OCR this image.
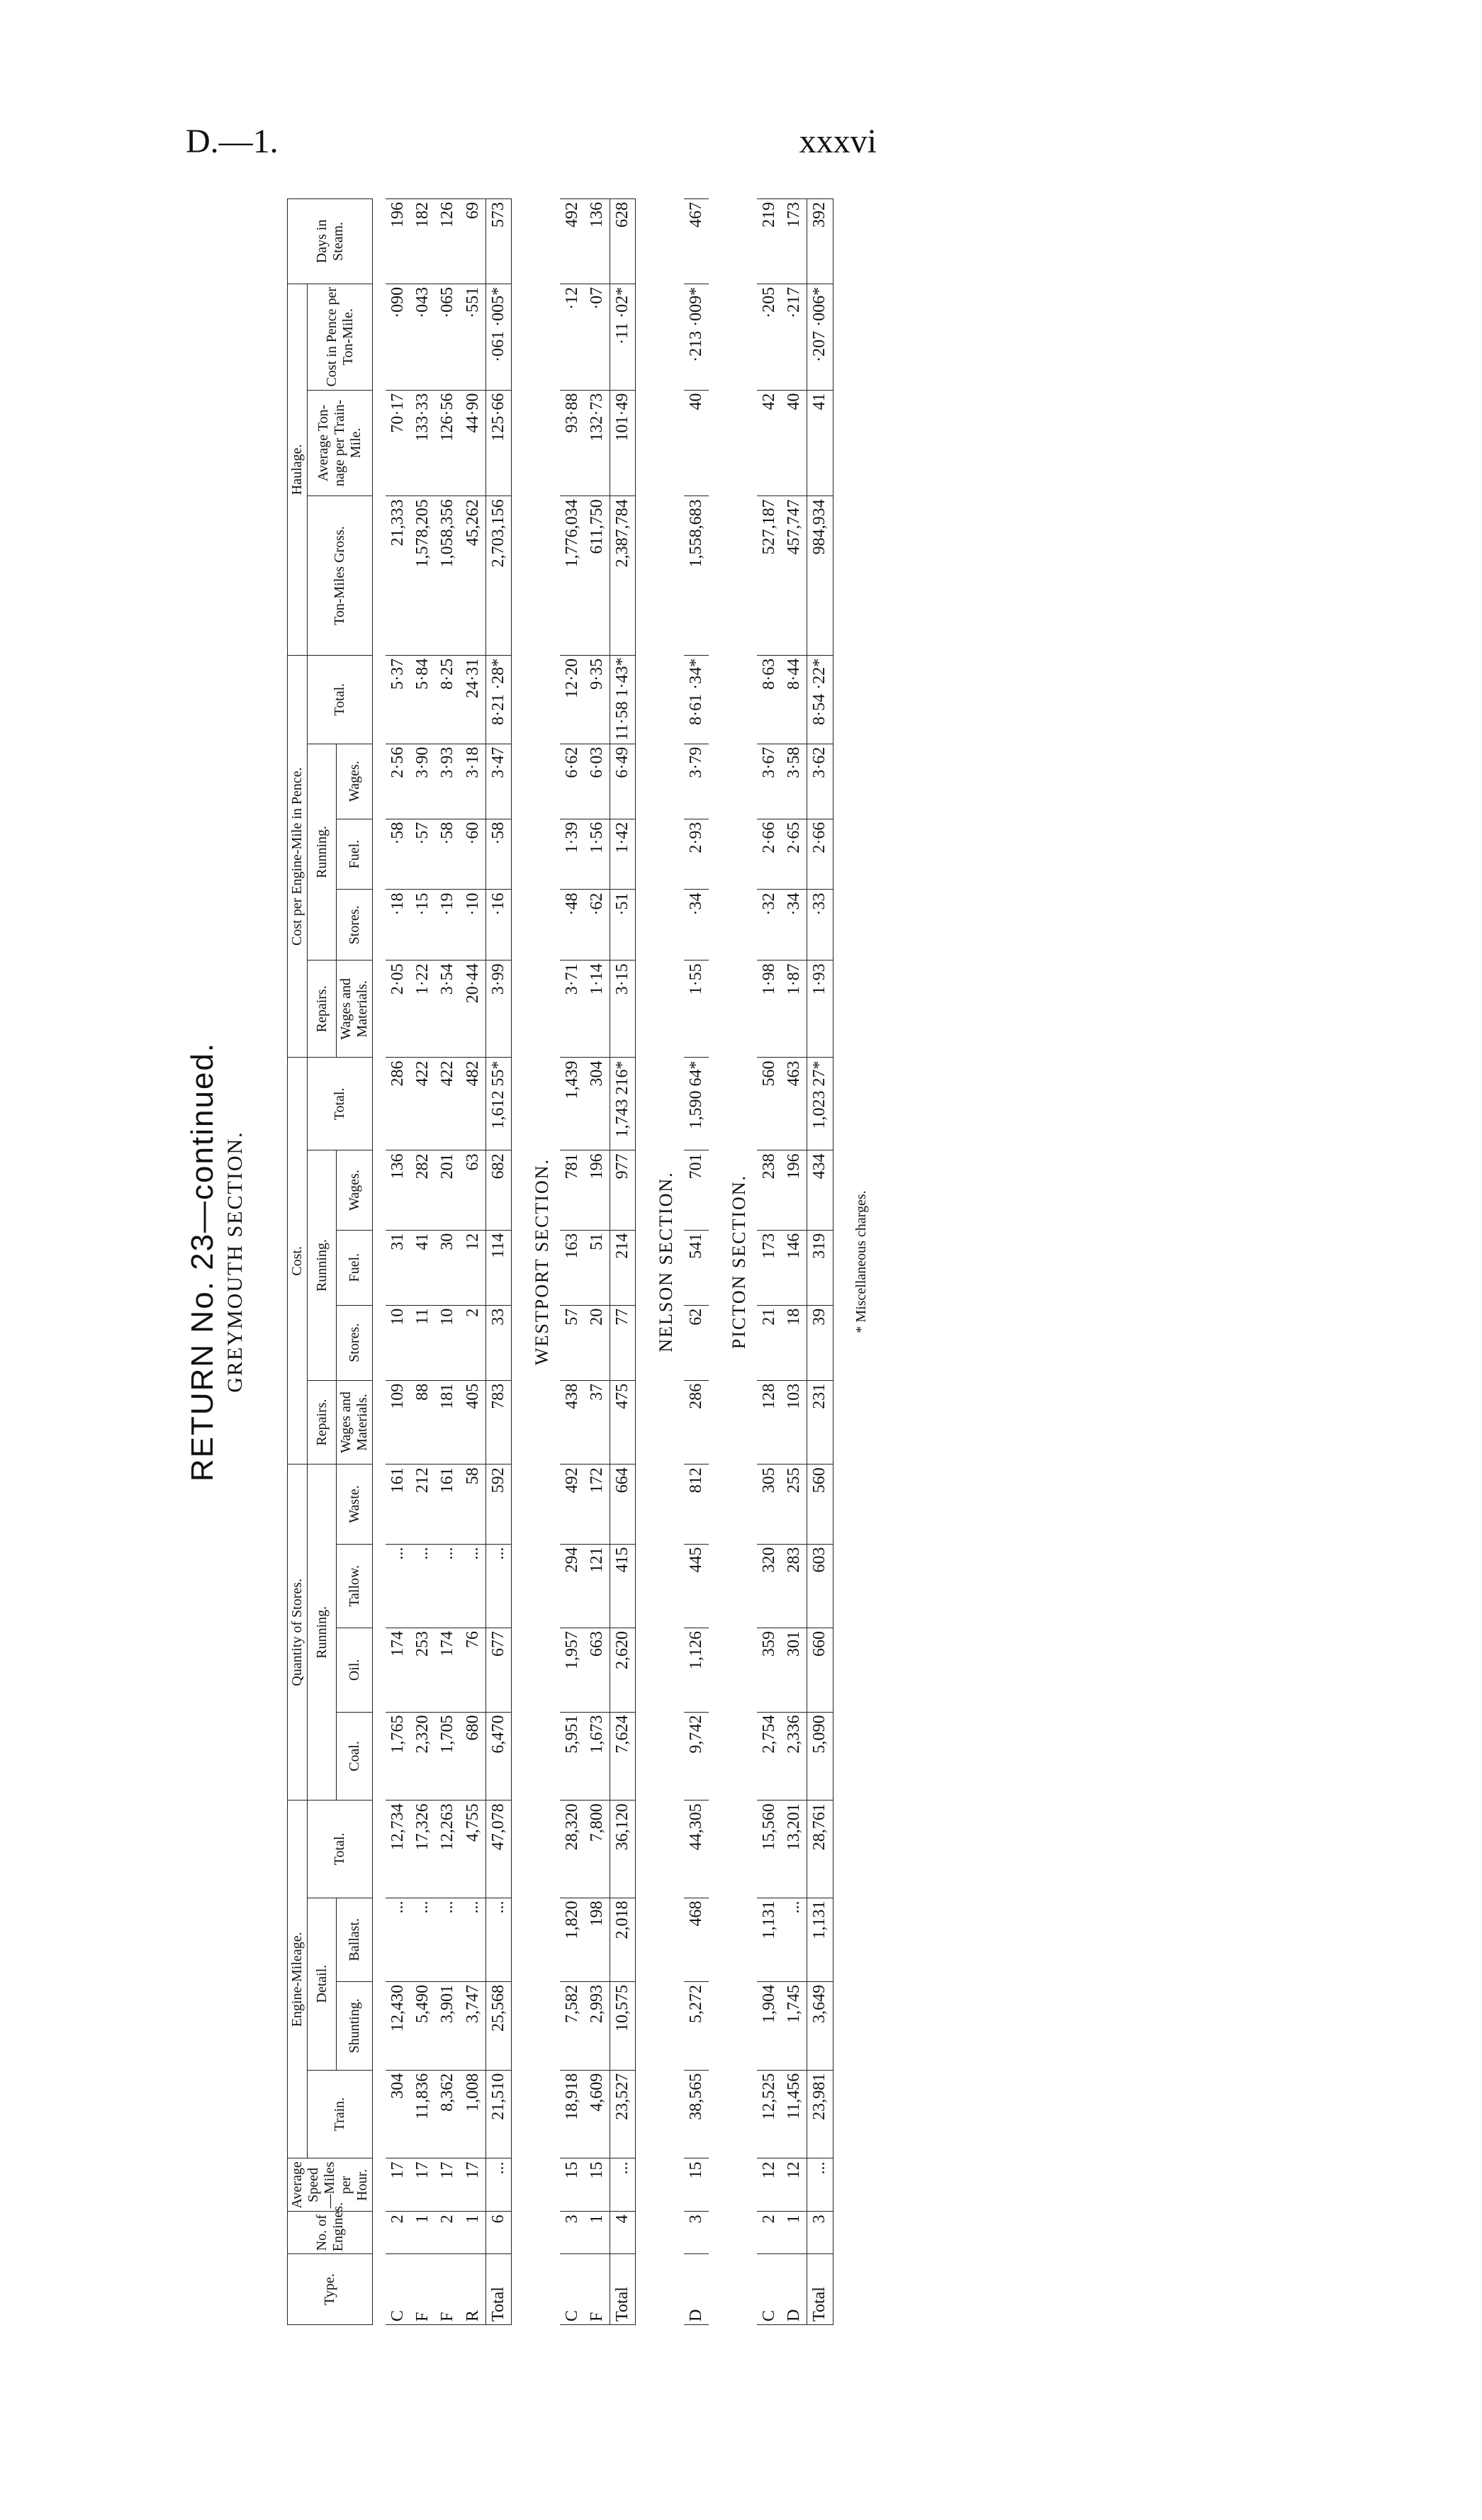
D.—1.	xxxvi
RETURN No. 23—continued. GREYMOUTH SECTION.
Type.	No. of Engines.	Average Speed—Miles per Hour.	Engine-Mileage.				Quantity of Stores.				Cost.					Cost per Engine-Mile in Pence.					Haulage.			Days in Steam.
			Train.	Detail.		Total.	Running.				Repairs.	Running.			Total.	Repairs.	Running.			Total.	Ton-Miles Gross.	Average Ton-nage per Train-Mile.	Cost in Pence per Ton-Mile.	
				Shunting.	Ballast.		Coal.	Oil.	Tallow.	Waste.	Wages and Materials.	Stores.	Fuel.	Wages.		Wages and Materials.	Stores.	Fuel.	Wages.					

C	2	17	304	12,430	...	12,734	1,765	174	...	161	109	10	31	136	286	2·05	·18	·58	2·56	5·37	21,333	70·17	·090	196
F	1	17	11,836	5,490	...	17,326	2,320	253	...	212	88	11	41	282	422	1·22	·15	·57	3·90	5·84	1,578,205	133·33	·043	182
F	2	17	8,362	3,901	...	12,263	1,705	174	...	161	181	10	30	201	422	3·54	·19	·58	3·93	8·25	1,058,356	126·56	·065	126
R	1	17	1,008	3,747	...	4,755	680	76	...	58	405	2	12	63	482	20·44	·10	·60	3·18	24·31	45,262	44·90	·551	69
Total	6	...	21,510	25,568	...	47,078	6,470	677	...	592	783	33	114	682	1,612 55*	3·99	·16	·58	3·47	8·21 ·28*	2,703,156	125·66	·061 ·005*	573

WESTPORT SECTION.																								
C	3	15	18,918	7,582	1,820	28,320	5,951	1,957	294	492	438	57	163	781	1,439	3·71	·48	1·39	6·62	12·20	1,776,034	93·88	·12	492
F	1	15	4,609	2,993	198	7,800	1,673	663	121	172	37	20	51	196	304	1·14	·62	1·56	6·03	9·35	611,750	132·73	·07	136
Total	4	...	23,527	10,575	2,018	36,120	7,624	2,620	415	664	475	77	214	977	1,743 216*	3·15	·51	1·42	6·49	11·58 1·43*	2,387,784	101·49	·11 ·02*	628

NELSON SECTION.																								
D	3	15	38,565	5,272	468	44,305	9,742	1,126	445	812	286	62	541	701	1,590 64*	1·55	·34	2·93	3·79	8·61 ·34*	1,558,683	40	·213 ·009*	467

PICTON SECTION.																								
C	2	12	12,525	1,904	1,131	15,560	2,754	359	320	305	128	21	173	238	560	1·98	·32	2·66	3·67	8·63	527,187	42	·205	219
D	1	12	11,456	1,745	...	13,201	2,336	301	283	255	103	18	146	196	463	1·87	·34	2·65	3·58	8·44	457,747	40	·217	173
Total	3	...	23,981	3,649	1,131	28,761	5,090	660	603	560	231	39	319	434	1,023 27*	1·93	·33	2·66	3·62	8·54 ·22*	984,934	41	·207 ·006*	392

* Miscellaneous charges.
